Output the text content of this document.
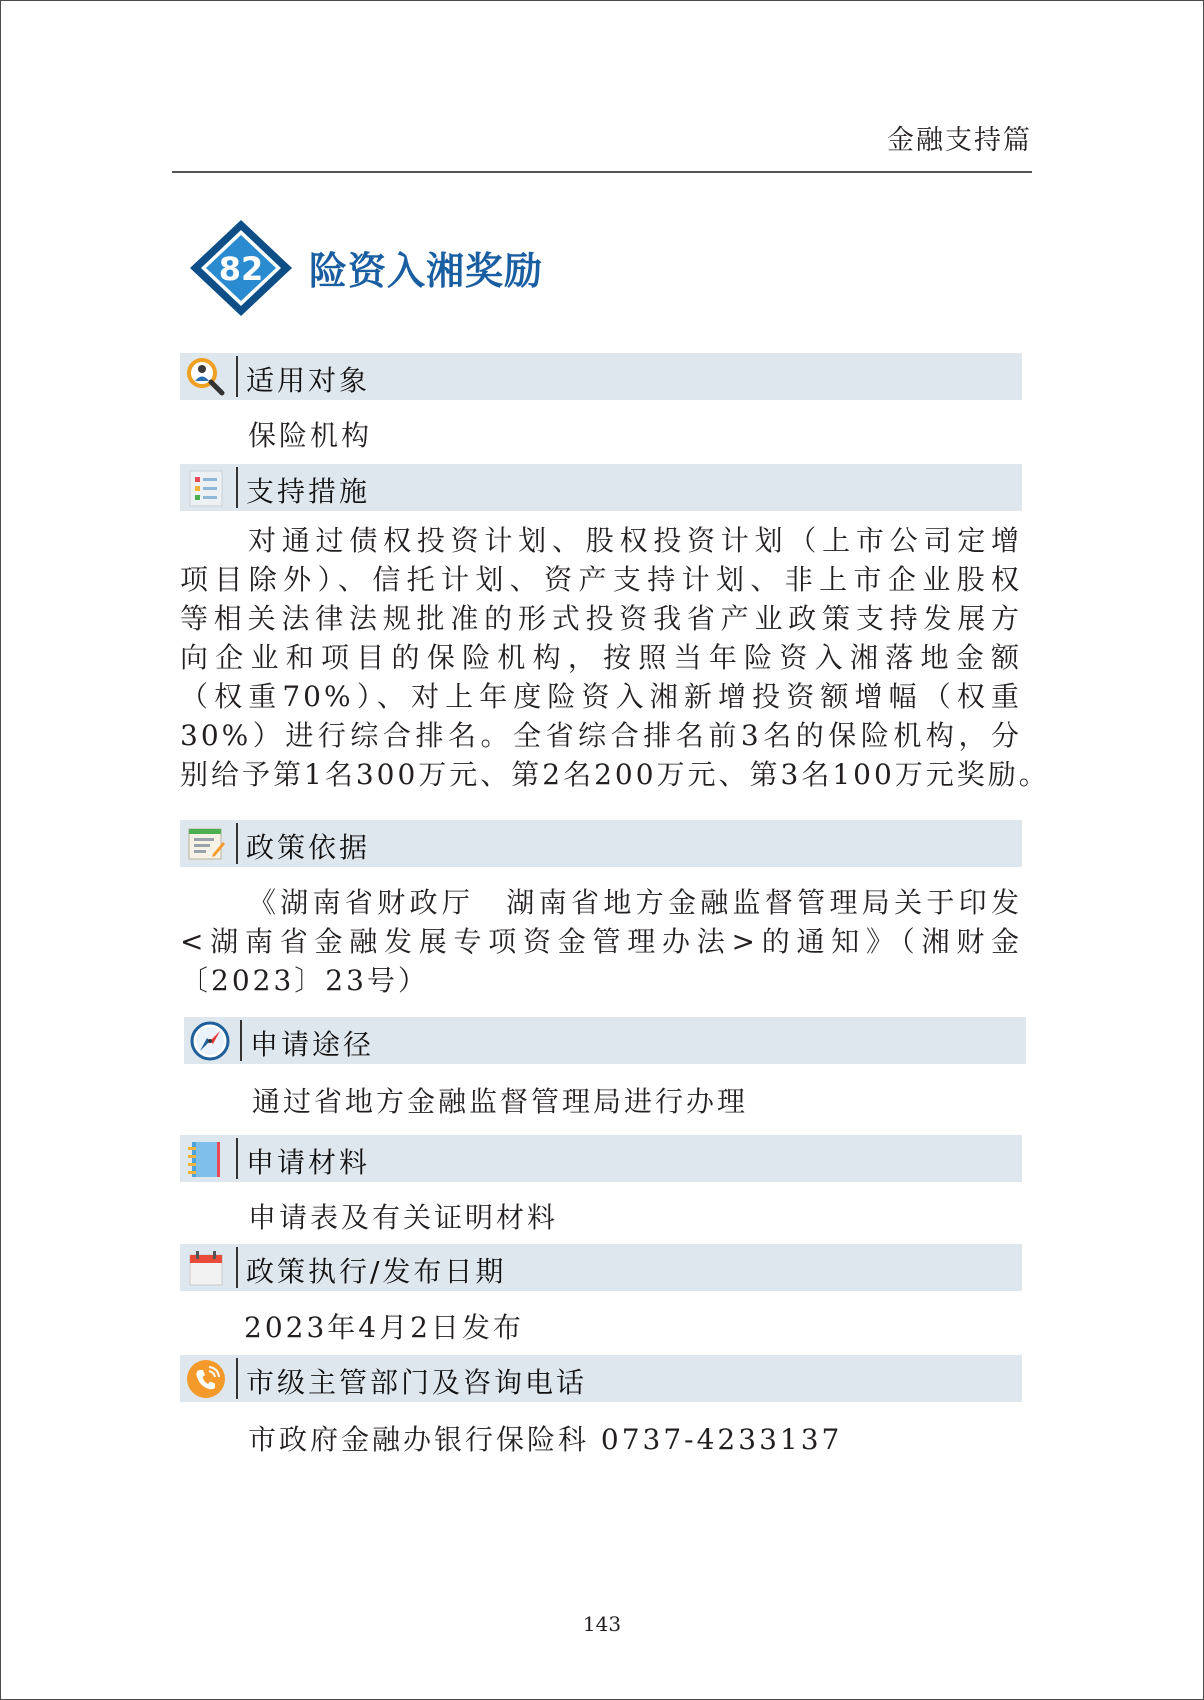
金融支持篇
82 险资入湘奖励
适用对象
保险机构
支持措施
对通过债权投资计划、股权投资计划（上市公司定增
项目除外）、信托计划、资产支持计划、非上市企业股权
等相关法律法规批准的形式投资我省产业政策支持发展方
向企业和项目的保险机构，按照当年险资入湘落地金额
（权重70%）、对上年度险资入湘新增投资额增幅（权重
30%）进行综合排名。全省综合排名前3名的保险机构，分
别给予第1名300万元、第2名200万元、第3名100万元奖励。
政策依据
《湖南省财政厅　湖南省地方金融监督管理局关于印发
<湖南省金融发展专项资金管理办法>的通知》（湘财金
〔2023〕23号）
申请途径
通过省地方金融监督管理局进行办理
申请材料
申请表及有关证明材料
政策执行/发布日期
2023年4月2日发布
市级主管部门及咨询电话
市政府金融办银行保险科 0737-4233137
143
